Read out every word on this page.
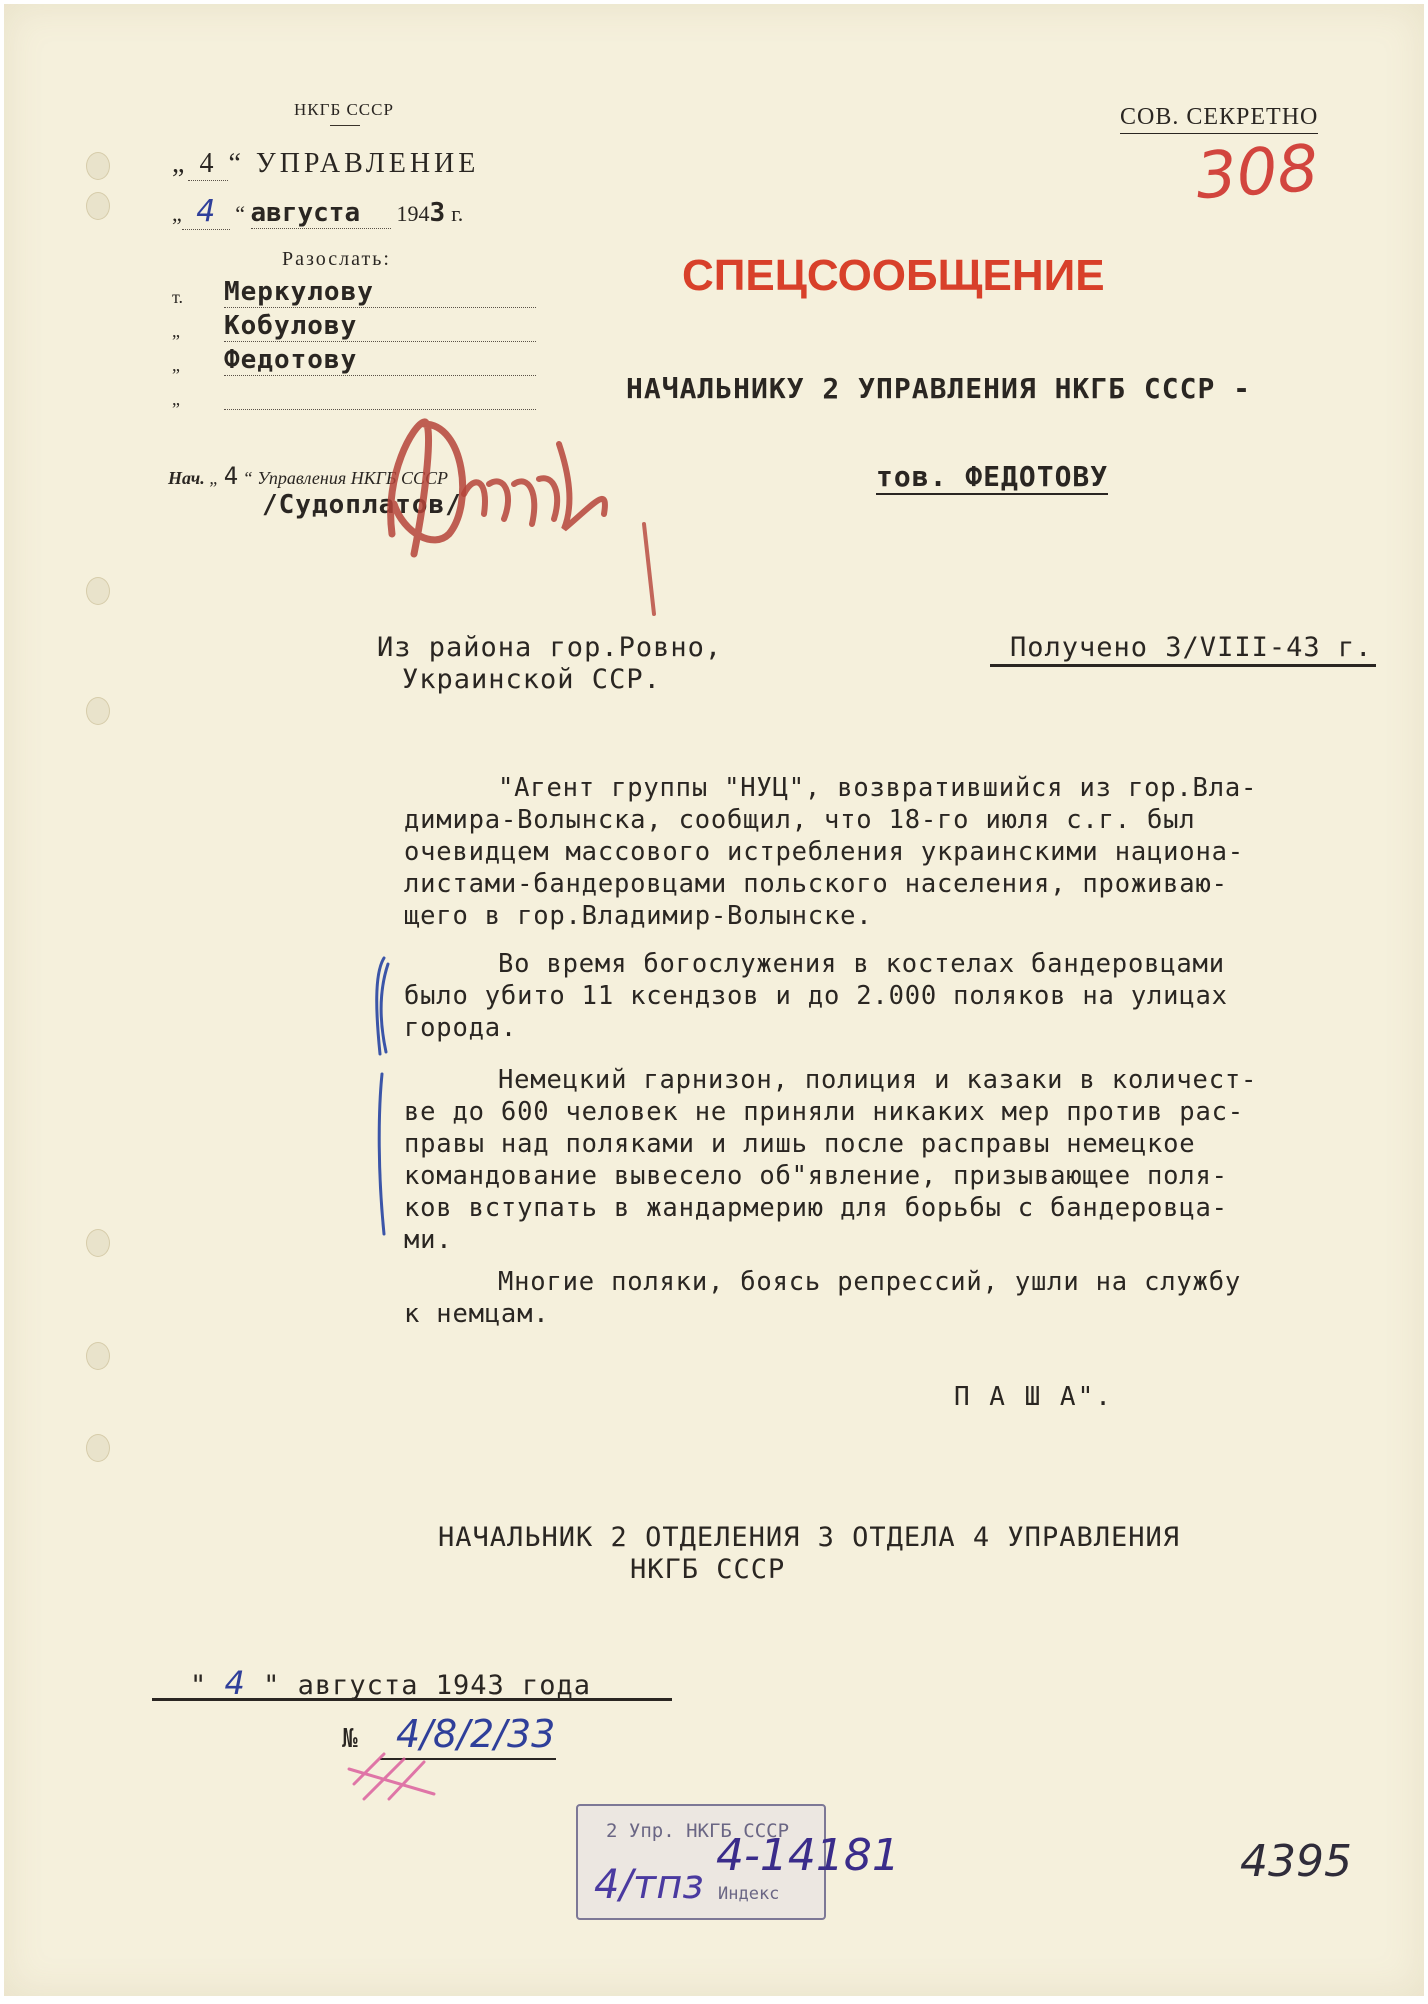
НКГБ СССР
„ 4 “ УПРАВЛЕНИЕ
„ 4 “ августа 1943 г.
Разослать:
т.	Меркулову
„	Кобулову
„	Федотову
„
Нач. „ 4 “ Управления НКГБ СССР
/Судоплатов/
СОВ. СЕКРЕТНО
308
СПЕЦСООБЩЕНИЕ
НАЧАЛЬНИКУ 2 УПРАВЛЕНИЯ НКГБ СССР -
тов. ФЕДОТОВУ
Из района гор.Ровно,
Украинской ССР.
Получено 3/VIII-43 г.

"Агент группы "НУЦ", возвратившийся из гор.Вла-

димира-Волынска, сообщил, что 18-го июля с.г. был

очевидцем массового истребления украинскими национа-

листами-бандеровцами польского населения, проживаю-

щего в гор.Владимир-Волынске.

Во время богослужения в костелах бандеровцами

было убито 11 ксендзов и до 2.000 поляков на улицах

города.

Немецкий гарнизон, полиция и казаки в количест-

ве до 600 человек не приняли никаких мер против рас-

правы над поляками и лишь после расправы немецкое

командование вывесело об"явление, призывающее поля-

ков вступать в жандармерию для борьбы с бандеровца-

ми.

Многие поляки, боясь репрессий, ушли на службу

к немцам.

П А Ш А".
НАЧАЛЬНИК 2 ОТДЕЛЕНИЯ 3 ОТДЕЛА 4 УПРАВЛЕНИЯ
НКГБ СССР
" 4 " августа 1943 года
№ 4/8/2/33
2 Упр. НКГБ СССР
Индекс
4/тпз
4-14181	4395
